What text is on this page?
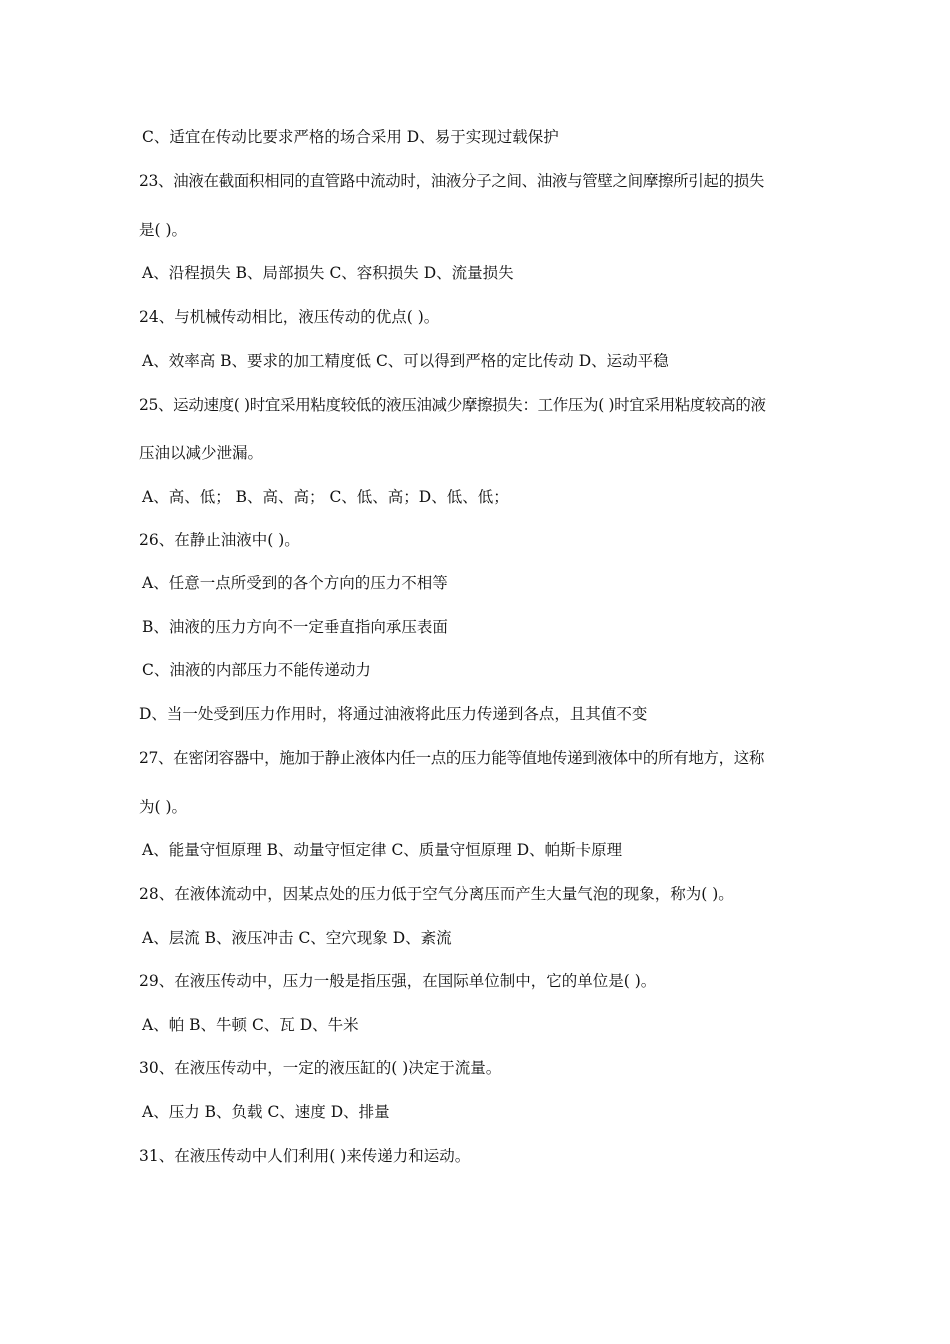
C、适宜在传动比要求严格的场合采用 D、易于实现过载保护
23、油液在截面积相同的直管路中流动时，油液分子之间、油液与管壁之间摩擦所引起的损失
是( )。
A、沿程损失 B、局部损失 C、容积损失 D、流量损失
24、与机械传动相比，液压传动的优点( )。
A、效率高 B、要求的加工精度低 C、可以得到严格的定比传动 D、运动平稳
25、运动速度( )时宜采用粘度较低的液压油减少摩擦损失：工作压为( )时宜采用粘度较高的液
压油以减少泄漏。
A、高、低； B、高、高； C、低、高；D、低、低；
26、在静止油液中( )。
A、任意一点所受到的各个方向的压力不相等
B、油液的压力方向不一定垂直指向承压表面
C、油液的内部压力不能传递动力
D、当一处受到压力作用时，将通过油液将此压力传递到各点，且其值不变
27、在密闭容器中，施加于静止液体内任一点的压力能等值地传递到液体中的所有地方，这称
为( )。
A、能量守恒原理 B、动量守恒定律 C、质量守恒原理 D、帕斯卡原理
28、在液体流动中，因某点处的压力低于空气分离压而产生大量气泡的现象，称为( )。
A、层流 B、液压冲击 C、空穴现象 D、紊流
29、在液压传动中，压力一般是指压强，在国际单位制中，它的单位是( )。
A、帕 B、牛顿 C、瓦 D、牛米
30、在液压传动中，一定的液压缸的( )决定于流量。
A、压力 B、负载 C、速度 D、排量
31、在液压传动中人们利用( )来传递力和运动。
